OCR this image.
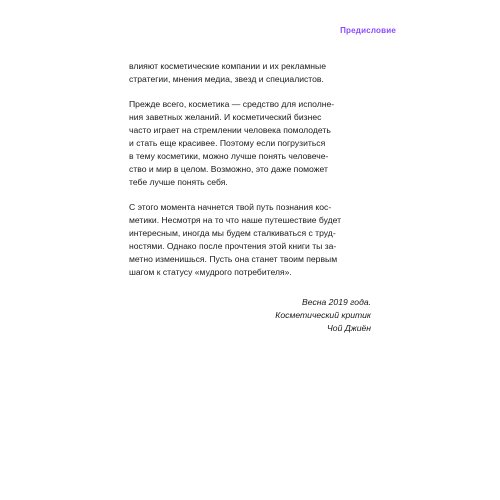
Предисловие

влияют косметические компании и их рекламные
стратегии, мнения медиа, звезд и специалистов.

Прежде всего, косметика — средство для исполне-
ния заветных желаний. И косметический бизнес
часто играет на стремлении человека помолодеть
и стать еще красивее. Поэтому если погрузиться
в тему косметики, можно лучше понять человече-
ство и мир в целом. Возможно, это даже поможет
тебе лучше понять себя.

С этого момента начнется твой путь познания кос-
метики. Несмотря на то что наше путешествие будет
интересным, иногда мы будем сталкиваться с труд-
ностями. Однако после прочтения этой книги ты за-
метно изменишься. Пусть она станет твоим первым
шагом к статусу «мудрого потребителя».

Весна 2019 года.
Косметический критик
Чой Джиён
